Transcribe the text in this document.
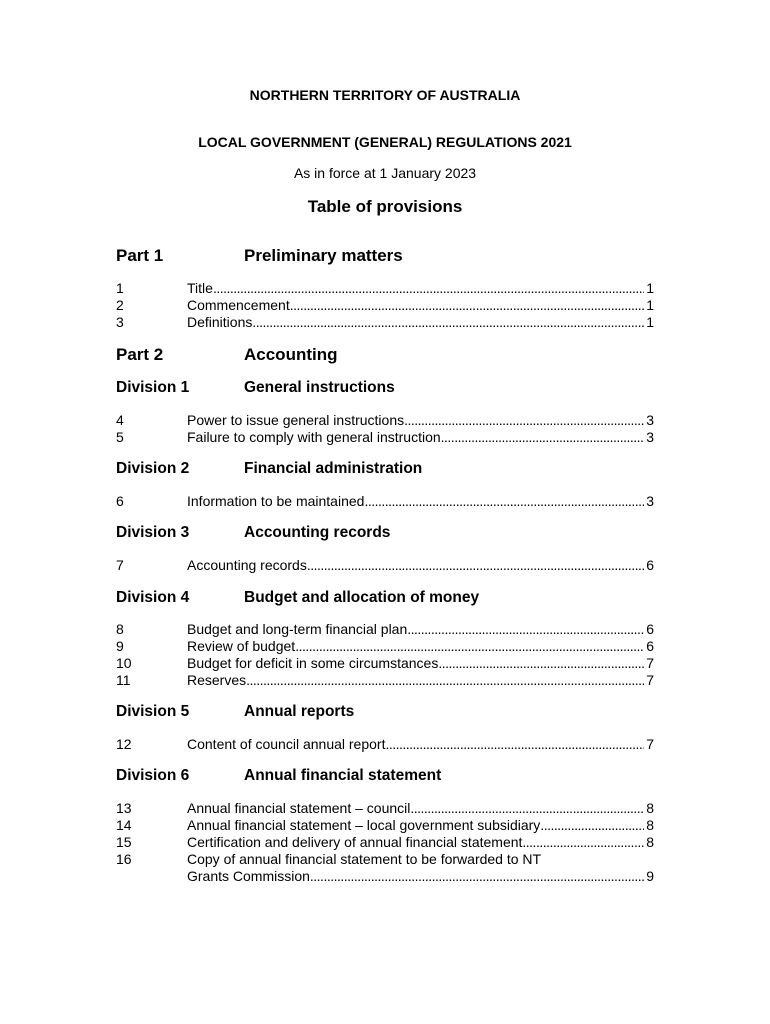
NORTHERN TERRITORY OF AUSTRALIA
LOCAL GOVERNMENT (GENERAL) REGULATIONS 2021
As in force at 1 January 2023
Table of provisions
Part 1	Preliminary matters
1	Title . . .	1
2	Commencement . . .	1
3	Definitions . . .	1
Part 2	Accounting
Division 1	General instructions
4	Power to issue general instructions . . .	3
5	Failure to comply with general instruction . . .	3
Division 2	Financial administration
6	Information to be maintained . . .	3
Division 3	Accounting records
7	Accounting records . . .	6
Division 4	Budget and allocation of money
8	Budget and long-term financial plan . . .	6
9	Review of budget . . .	6
10	Budget for deficit in some circumstances . . .	7
11	Reserves . . .	7
Division 5	Annual reports
12	Content of council annual report . . .	7
Division 6	Annual financial statement
13	Annual financial statement – council . . .	8
14	Annual financial statement – local government subsidiary . . .	8
15	Certification and delivery of annual financial statement . . .	8
16	Copy of annual financial statement to be forwarded to NT
Grants Commission . . .	9
